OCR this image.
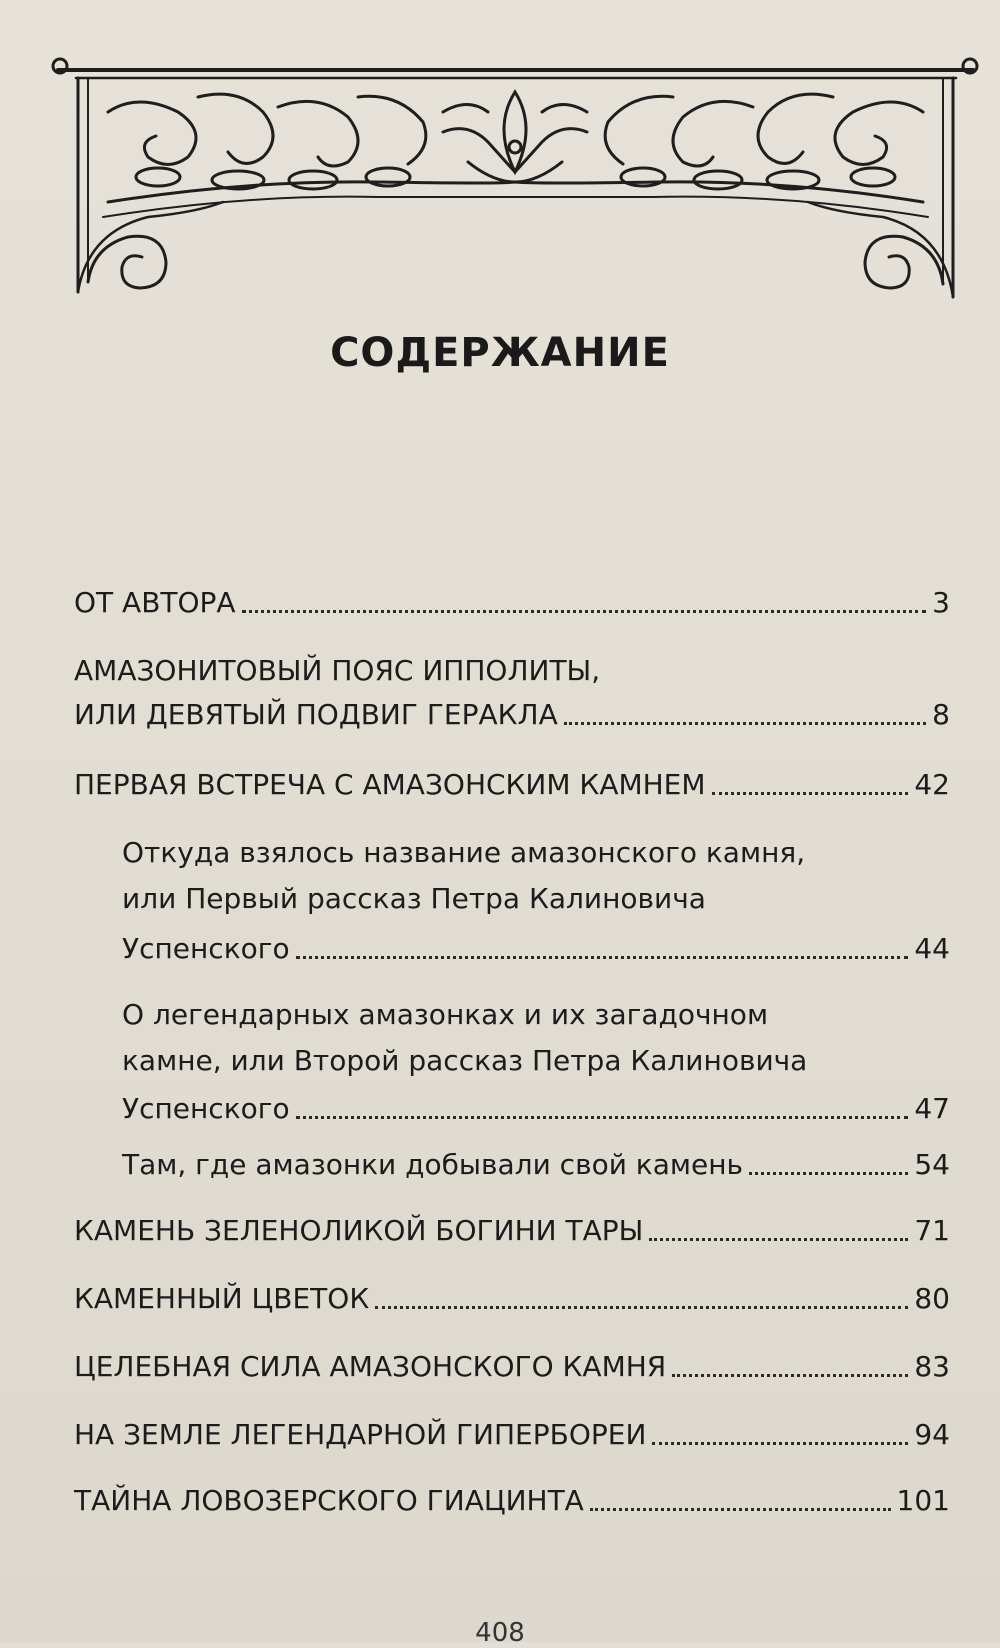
СОДЕРЖАНИЕ
ОТ АВТОРА	3
АМАЗОНИТОВЫЙ ПОЯС ИППОЛИТЫ,
ИЛИ ДЕВЯТЫЙ ПОДВИГ ГЕРАКЛА	8
ПЕРВАЯ ВСТРЕЧА С АМАЗОНСКИМ КАМНЕМ	42
Откуда взялось название амазонского камня,
или Первый рассказ Петра Калиновича
Успенского	44
О легендарных амазонках и их загадочном
камне, или Второй рассказ Петра Калиновича
Успенского	47
Там, где амазонки добывали свой камень	54
КАМЕНЬ ЗЕЛЕНОЛИКОЙ БОГИНИ ТАРЫ	71
КАМЕННЫЙ ЦВЕТОК	80
ЦЕЛЕБНАЯ СИЛА АМАЗОНСКОГО КАМНЯ	83
НА ЗЕМЛЕ ЛЕГЕНДАРНОЙ ГИПЕРБОРЕИ	94
ТАЙНА ЛОВОЗЕРСКОГО ГИАЦИНТА	101
408
